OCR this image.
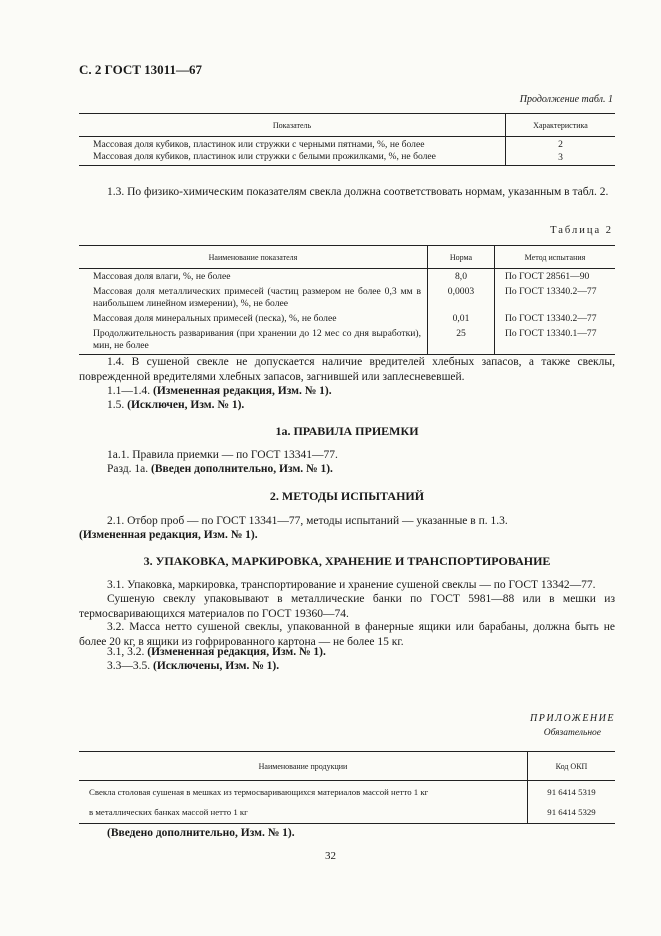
С. 2 ГОСТ 13011—67
Продолжение табл. 1
Показатель	Характеристика
Массовая доля кубиков, пластинок или стружки с черными пятнами, %, не более	2
Массовая доля кубиков, пластинок или стружки с белыми прожилками, %, не более	3

1.3. По физико-химическим показателям свекла должна соответствовать нормам, указанным в табл. 2.

Таблица 2
Наименование показателя	Норма	Метод испытания
Массовая доля влаги, %, не более	8,0	По ГОСТ 28561—90
Массовая доля металлических примесей (частиц размером не более 0,3 мм в наибольшем линейном измерении), %, не более	0,0003	По ГОСТ 13340.2—77
Массовая доля минеральных примесей (песка), %, не более	0,01	По ГОСТ 13340.2—77
Продолжительность разваривания (при хранении до 12 мес со дня выработки), мин, не более	25	По ГОСТ 13340.1—77

1.4. В сушеной свекле не допускается наличие вредителей хлебных запасов, а также свеклы, поврежденной вредителями хлебных запасов, загнившей или заплесневевшей.

1.1—1.4. (Измененная редакция, Изм. № 1).

1.5. (Исключен, Изм. № 1).

1а. ПРАВИЛА ПРИЕМКИ

1а.1. Правила приемки — по ГОСТ 13341—77.

Разд. 1а. (Введен дополнительно, Изм. № 1).

2. МЕТОДЫ ИСПЫТАНИЙ

2.1. Отбор проб — по ГОСТ 13341—77, методы испытаний — указанные в п. 1.3.

(Измененная редакция, Изм. № 1).

3. УПАКОВКА, МАРКИРОВКА, ХРАНЕНИЕ И ТРАНСПОРТИРОВАНИЕ

3.1. Упаковка, маркировка, транспортирование и хранение сушеной свеклы — по ГОСТ 13342—77.

Сушеную свеклу упаковывают в металлические банки по ГОСТ 5981—88 или в мешки из термосваривающихся материалов по ГОСТ 19360—74.

3.2. Масса нетто сушеной свеклы, упакованной в фанерные ящики или барабаны, должна быть не более 20 кг, в ящики из гофрированного картона — не более 15 кг.

3.1, 3.2. (Измененная редакция, Изм. № 1).

3.3—3.5. (Исключены, Изм. № 1).

ПРИЛОЖЕНИЕ
Обязательное
Наименование продукции	Код ОКП
Свекла столовая сушеная в мешках из термосваривающихся материалов массой нетто 1 кг	91 6414 5319
в металлических банках массой нетто 1 кг	91 6414 5329

(Введено дополнительно, Изм. № 1).

32
